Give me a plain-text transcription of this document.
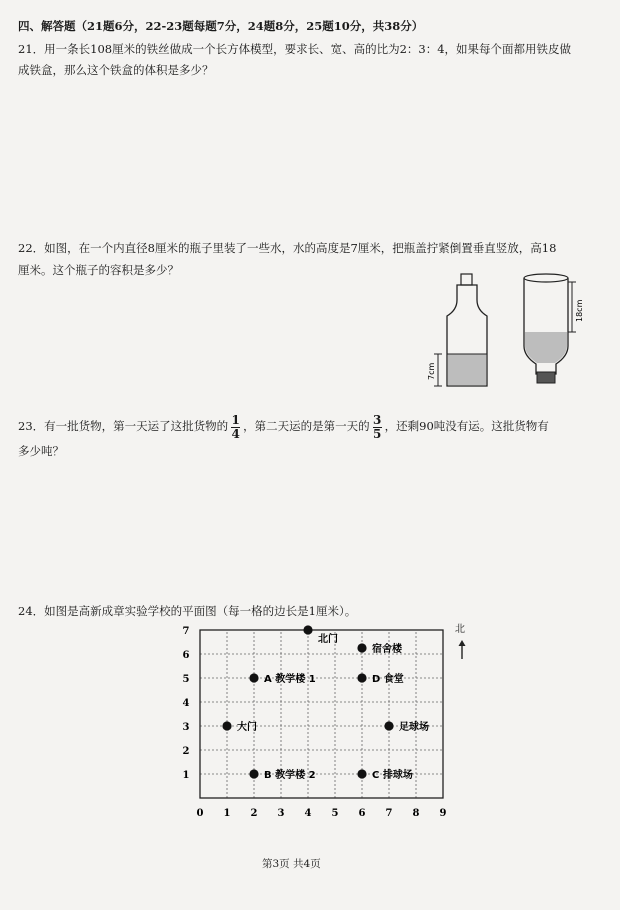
四、解答题（21题6分，22-23题每题7分，24题8分，25题10分，共38分）
21．用一条长108厘米的铁丝做成一个长方体模型，要求长、宽、高的比为2：3：4，如果每个面都用铁皮做
成铁盒，那么这个铁盒的体积是多少？
22．如图，在一个内直径8厘米的瓶子里装了一些水，水的高度是7厘米，把瓶盖拧紧倒置垂直竖放，高18
厘米。这个瓶子的容积是多少？
7cm
18cm
23．有一批货物，第一天运了这批货物的 $\frac{1}{4}$ ，第二天运的是第一天的 $\frac{3}{5}$ ，还剩90吨没有运。这批货物有
多少吨？
24．如图是高新成章实验学校的平面图（每一格的边长是1厘米）。
0 1 2 3 4 5 6 7 8 9
1
2
3
4
5
6
7
北门
宿舍楼
A 教学楼 1	D 食堂
大门	足球场
B 教学楼 2	C 排球场
北
第3页 共4页
